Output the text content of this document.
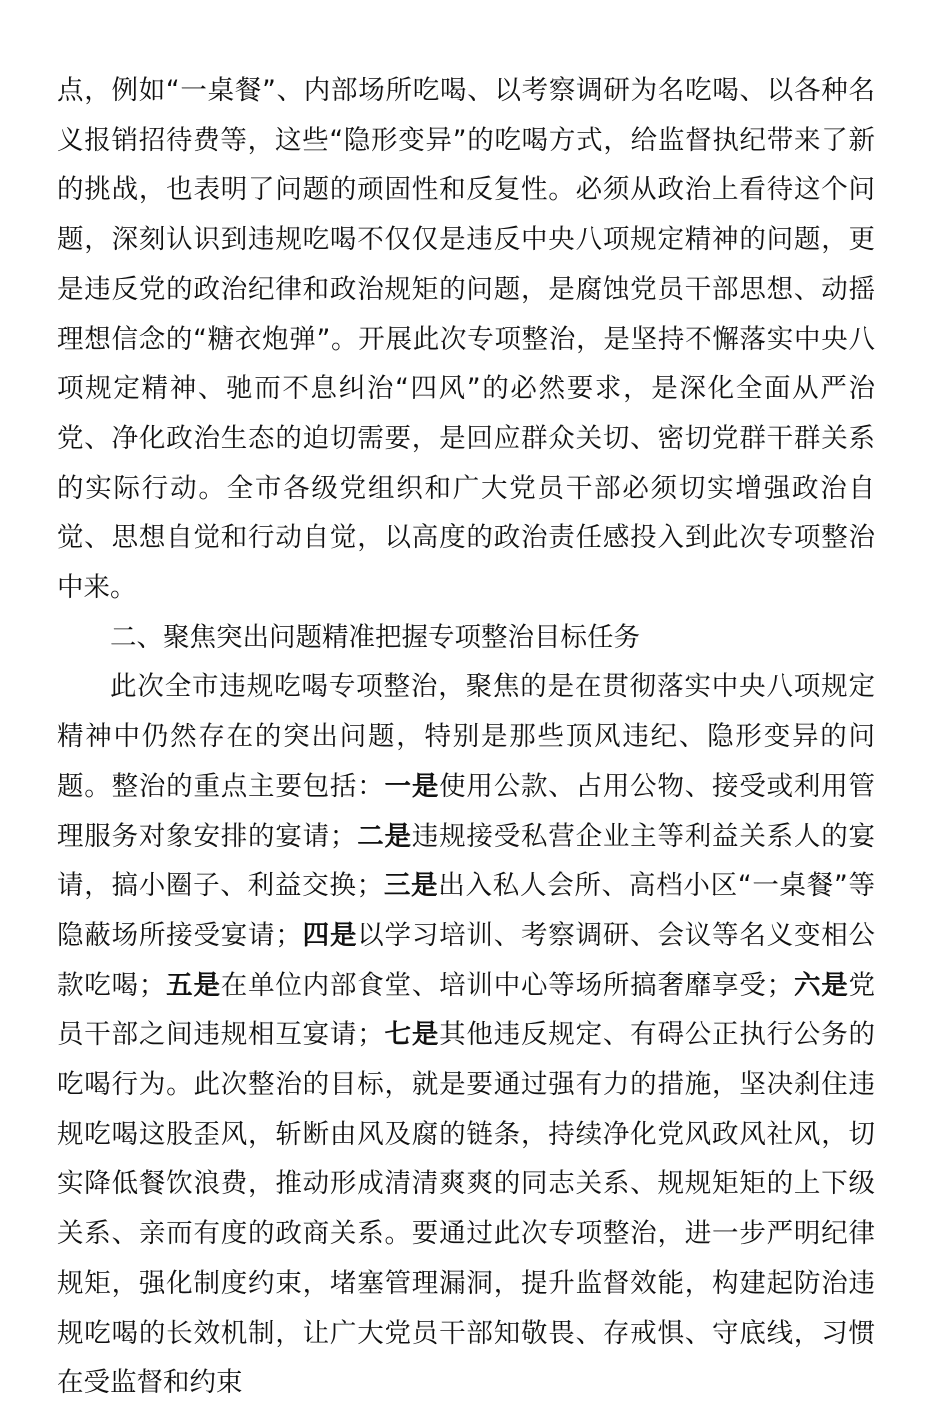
点，例如“一桌餐”、内部场所吃喝、以考察调研为名吃喝、以各种名义报销招待费等，这些“隐形变异”的吃喝方式，给监督执纪带来了新的挑战，也表明了问题的顽固性和反复性。必须从政治上看待这个问题，深刻认识到违规吃喝不仅仅是违反中央八项规定精神的问题，更是违反党的政治纪律和政治规矩的问题，是腐蚀党员干部思想、动摇理想信念的“糖衣炮弹”。开展此次专项整治，是坚持不懈落实中央八项规定精神、驰而不息纠治“四风”的必然要求，是深化全面从严治党、净化政治生态的迫切需要，是回应群众关切、密切党群干群关系的实际行动。全市各级党组织和广大党员干部必须切实增强政治自觉、思想自觉和行动自觉，以高度的政治责任感投入到此次专项整治中来。

二、聚焦突出问题精准把握专项整治目标任务

此次全市违规吃喝专项整治，聚焦的是在贯彻落实中央八项规定精神中仍然存在的突出问题，特别是那些顶风违纪、隐形变异的问题。整治的重点主要包括：一是使用公款、占用公物、接受或利用管理服务对象安排的宴请；二是违规接受私营企业主等利益关系人的宴请，搞小圈子、利益交换；三是出入私人会所、高档小区“一桌餐”等隐蔽场所接受宴请；四是以学习培训、考察调研、会议等名义变相公款吃喝；五是在单位内部食堂、培训中心等场所搞奢靡享受；六是党员干部之间违规相互宴请；七是其他违反规定、有碍公正执行公务的吃喝行为。此次整治的目标，就是要通过强有力的措施，坚决刹住违规吃喝这股歪风，斩断由风及腐的链条，持续净化党风政风社风，切实降低餐饮浪费，推动形成清清爽爽的同志关系、规规矩矩的上下级关系、亲而有度的政商关系。要通过此次专项整治，进一步严明纪律规矩，强化制度约束，堵塞管理漏洞，提升监督效能，构建起防治违规吃喝的长效机制，让广大党员干部知敬畏、存戒惧、守底线，习惯在受监督和约束
